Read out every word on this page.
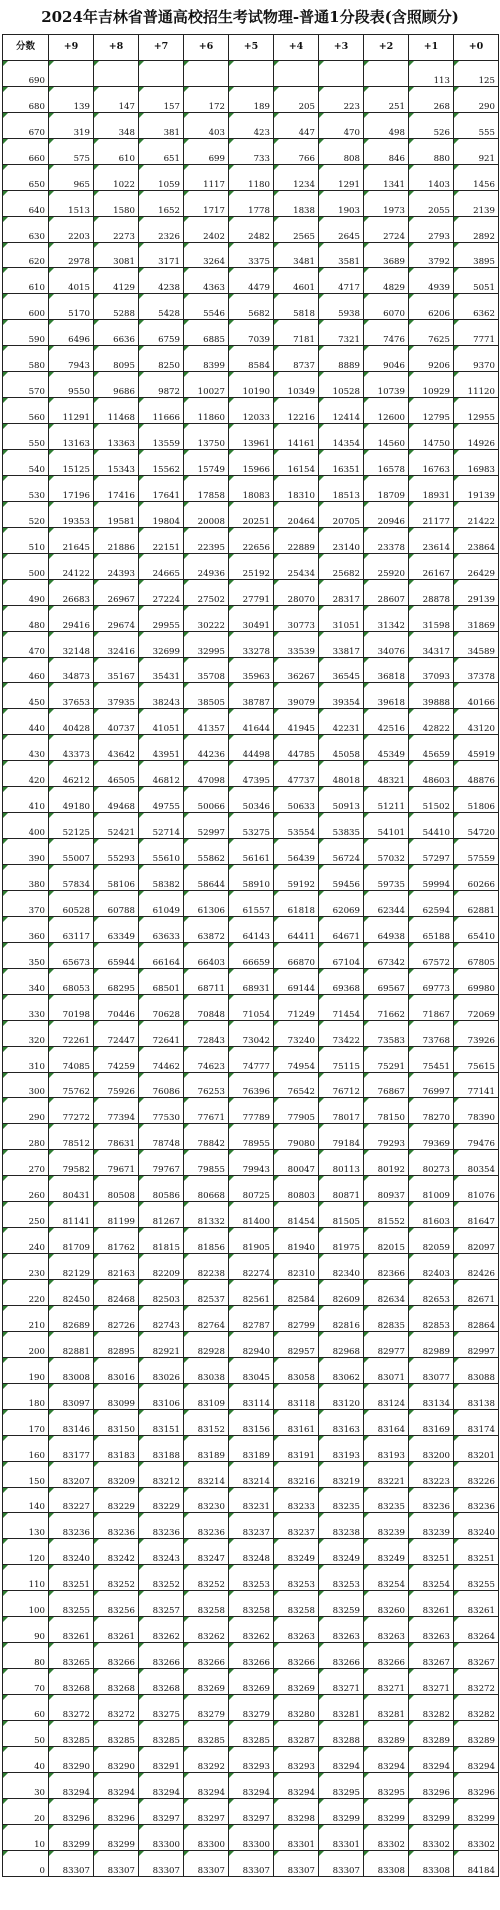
2024年吉林省普通高校招生考试物理-普通1分段表(含照顾分)
分数	+9	+8	+7	+6	+5	+4	+3	+2	+1	+0
690									113	125
680	139	147	157	172	189	205	223	251	268	290
670	319	348	381	403	423	447	470	498	526	555
660	575	610	651	699	733	766	808	846	880	921
650	965	1022	1059	1117	1180	1234	1291	1341	1403	1456
640	1513	1580	1652	1717	1778	1838	1903	1973	2055	2139
630	2203	2273	2326	2402	2482	2565	2645	2724	2793	2892
620	2978	3081	3171	3264	3375	3481	3581	3689	3792	3895
610	4015	4129	4238	4363	4479	4601	4717	4829	4939	5051
600	5170	5288	5428	5546	5682	5818	5938	6070	6206	6362
590	6496	6636	6759	6885	7039	7181	7321	7476	7625	7771
580	7943	8095	8250	8399	8584	8737	8889	9046	9206	9370
570	9550	9686	9872	10027	10190	10349	10528	10739	10929	11120
560	11291	11468	11666	11860	12033	12216	12414	12600	12795	12955
550	13163	13363	13559	13750	13961	14161	14354	14560	14750	14926
540	15125	15343	15562	15749	15966	16154	16351	16578	16763	16983
530	17196	17416	17641	17858	18083	18310	18513	18709	18931	19139
520	19353	19581	19804	20008	20251	20464	20705	20946	21177	21422
510	21645	21886	22151	22395	22656	22889	23140	23378	23614	23864
500	24122	24393	24665	24936	25192	25434	25682	25920	26167	26429
490	26683	26967	27224	27502	27791	28070	28317	28607	28878	29139
480	29416	29674	29955	30222	30491	30773	31051	31342	31598	31869
470	32148	32416	32699	32995	33278	33539	33817	34076	34317	34589
460	34873	35167	35431	35708	35963	36267	36545	36818	37093	37378
450	37653	37935	38243	38505	38787	39079	39354	39618	39888	40166
440	40428	40737	41051	41357	41644	41945	42231	42516	42822	43120
430	43373	43642	43951	44236	44498	44785	45058	45349	45659	45919
420	46212	46505	46812	47098	47395	47737	48018	48321	48603	48876
410	49180	49468	49755	50066	50346	50633	50913	51211	51502	51806
400	52125	52421	52714	52997	53275	53554	53835	54101	54410	54720
390	55007	55293	55610	55862	56161	56439	56724	57032	57297	57559
380	57834	58106	58382	58644	58910	59192	59456	59735	59994	60266
370	60528	60788	61049	61306	61557	61818	62069	62344	62594	62881
360	63117	63349	63633	63872	64143	64411	64671	64938	65188	65410
350	65673	65944	66164	66403	66659	66870	67104	67342	67572	67805
340	68053	68295	68501	68711	68931	69144	69368	69567	69773	69980
330	70198	70446	70628	70848	71054	71249	71454	71662	71867	72069
320	72261	72447	72641	72843	73042	73240	73422	73583	73768	73926
310	74085	74259	74462	74623	74777	74954	75115	75291	75451	75615
300	75762	75926	76086	76253	76396	76542	76712	76867	76997	77141
290	77272	77394	77530	77671	77789	77905	78017	78150	78270	78390
280	78512	78631	78748	78842	78955	79080	79184	79293	79369	79476
270	79582	79671	79767	79855	79943	80047	80113	80192	80273	80354
260	80431	80508	80586	80668	80725	80803	80871	80937	81009	81076
250	81141	81199	81267	81332	81400	81454	81505	81552	81603	81647
240	81709	81762	81815	81856	81905	81940	81975	82015	82059	82097
230	82129	82163	82209	82238	82274	82310	82340	82366	82403	82426
220	82450	82468	82503	82537	82561	82584	82609	82634	82653	82671
210	82689	82726	82743	82764	82787	82799	82816	82835	82853	82864
200	82881	82895	82921	82928	82940	82957	82968	82977	82989	82997
190	83008	83016	83026	83038	83045	83058	83062	83071	83077	83088
180	83097	83099	83106	83109	83114	83118	83120	83124	83134	83138
170	83146	83150	83151	83152	83156	83161	83163	83164	83169	83174
160	83177	83183	83188	83189	83189	83191	83193	83193	83200	83201
150	83207	83209	83212	83214	83214	83216	83219	83221	83223	83226
140	83227	83229	83229	83230	83231	83233	83235	83235	83236	83236
130	83236	83236	83236	83236	83237	83237	83238	83239	83239	83240
120	83240	83242	83243	83247	83248	83249	83249	83249	83251	83251
110	83251	83252	83252	83252	83253	83253	83253	83254	83254	83255
100	83255	83256	83257	83258	83258	83258	83259	83260	83261	83261
90	83261	83261	83262	83262	83262	83263	83263	83263	83263	83264
80	83265	83266	83266	83266	83266	83266	83266	83266	83267	83267
70	83268	83268	83268	83269	83269	83269	83271	83271	83271	83272
60	83272	83272	83275	83279	83279	83280	83281	83281	83282	83282
50	83285	83285	83285	83285	83285	83287	83288	83289	83289	83289
40	83290	83290	83291	83292	83293	83293	83294	83294	83294	83294
30	83294	83294	83294	83294	83294	83294	83295	83295	83296	83296
20	83296	83296	83297	83297	83297	83298	83299	83299	83299	83299
10	83299	83299	83300	83300	83300	83301	83301	83302	83302	83302
0	83307	83307	83307	83307	83307	83307	83307	83308	83308	84184
